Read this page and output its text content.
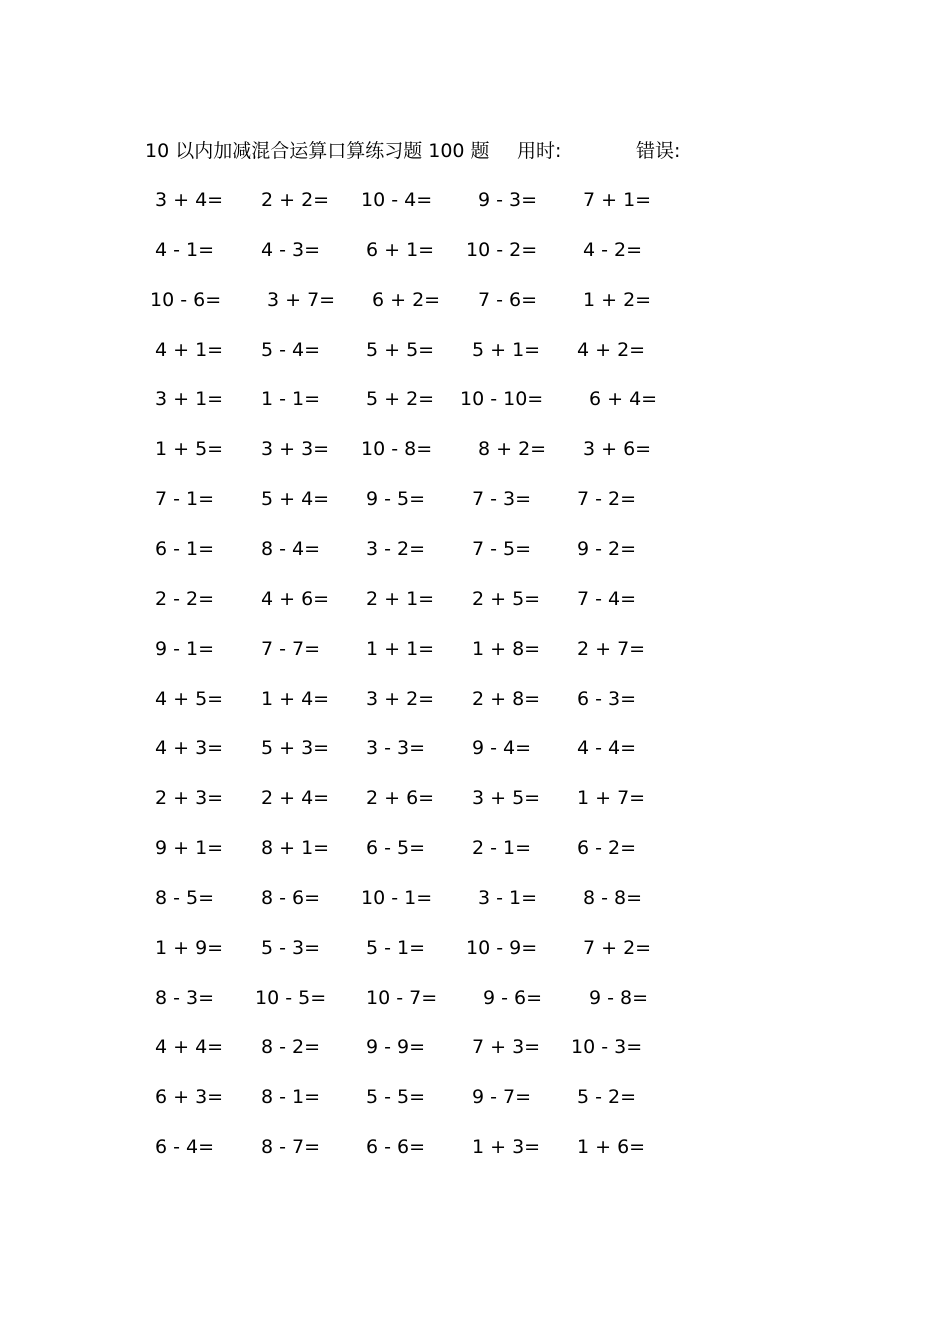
10 以内加减混合运算口算练习题 100 题 用时:	错误:
3 + 4= 2 + 2= 10 - 4= 9 - 3= 7 + 1=
4 - 1= 4 - 3= 6 + 1= 10 - 2= 4 - 2=
10 - 6= 3 + 7= 6 + 2= 7 - 6= 1 + 2=
4 + 1= 5 - 4= 5 + 5= 5 + 1= 4 + 2=
3 + 1= 1 - 1= 5 + 2= 10 - 10= 6 + 4=
1 + 5= 3 + 3= 10 - 8= 8 + 2= 3 + 6=
7 - 1= 5 + 4= 9 - 5= 7 - 3= 7 - 2=
6 - 1= 8 - 4= 3 - 2= 7 - 5= 9 - 2=
2 - 2= 4 + 6= 2 + 1= 2 + 5= 7 - 4=
9 - 1= 7 - 7= 1 + 1= 1 + 8= 2 + 7=
4 + 5= 1 + 4= 3 + 2= 2 + 8= 6 - 3=
4 + 3= 5 + 3= 3 - 3= 9 - 4= 4 - 4=
2 + 3= 2 + 4= 2 + 6= 3 + 5= 1 + 7=
9 + 1= 8 + 1= 6 - 5= 2 - 1= 6 - 2=
8 - 5= 8 - 6= 10 - 1= 3 - 1= 8 - 8=
1 + 9= 5 - 3= 5 - 1= 10 - 9= 7 + 2=
8 - 3= 10 - 5= 10 - 7= 9 - 6= 9 - 8=
4 + 4= 8 - 2= 9 - 9= 7 + 3= 10 - 3=
6 + 3= 8 - 1= 5 - 5= 9 - 7= 5 - 2=
6 - 4= 8 - 7= 6 - 6= 1 + 3= 1 + 6=
